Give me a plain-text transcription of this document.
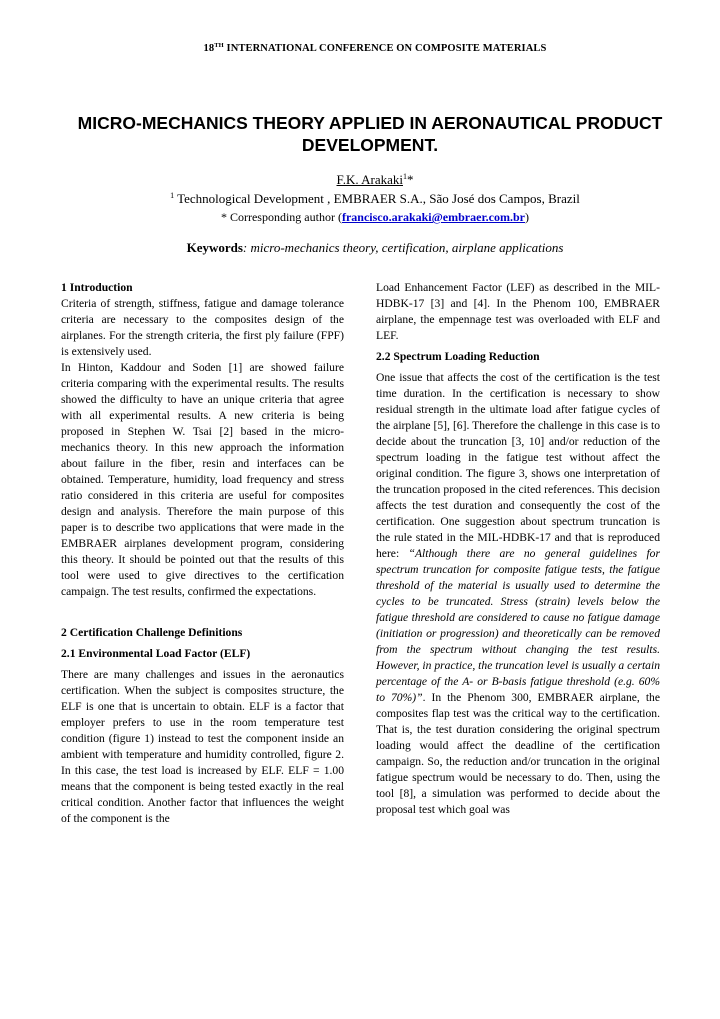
18TH INTERNATIONAL CONFERENCE ON COMPOSITE MATERIALS
MICRO-MECHANICS THEORY APPLIED IN AERONAUTICAL PRODUCT DEVELOPMENT.
F.K. Arakaki$^1$*
$^1$ Technological Development , EMBRAER S.A., São José dos Campos, Brazil
* Corresponding author (francisco.arakaki@embraer.com.br)
Keywords: micro-mechanics theory, certification, airplane applications

1 Introduction

Criteria of strength, stiffness, fatigue and damage tolerance criteria are necessary to the composites design of the airplanes. For the strength criteria, the first ply failure (FPF) is extensively used.

In Hinton, Kaddour and Soden [1] are showed failure criteria comparing with the experimental results. The results showed the difficulty to have an unique criteria that agree with all experimental results. A new criteria is being proposed in Stephen W. Tsai [2] based in the micro-mechanics theory. In this new approach the information about failure in the fiber, resin and interfaces can be obtained. Temperature, humidity, load frequency and stress ratio considered in this criteria are useful for composites design and analysis. Therefore the main purpose of this paper is to describe two applications that were made in the EMBRAER airplanes development program, considering this theory. It should be pointed out that the results of this tool were used to give directives to the certification campaign. The test results, confirmed the expectations.

2 Certification Challenge Definitions

2.1 Environmental Load Factor (ELF)

There are many challenges and issues in the aeronautics certification. When the subject is composites structure, the ELF is one that is uncertain to obtain. ELF is a factor that employer prefers to use in the room temperature test condition (figure 1) instead to test the component inside an ambient with temperature and humidity controlled, figure 2. In this case, the test load is increased by ELF. ELF = 1.00 means that the component is being tested exactly in the real critical condition. Another factor that influences the weight of the component is the

Load Enhancement Factor (LEF) as described in the MIL-HDBK-17 [3] and [4]. In the Phenom 100, EMBRAER airplane, the empennage test was overloaded with ELF and LEF.

2.2 Spectrum Loading Reduction

One issue that affects the cost of the certification is the test time duration. In the certification is necessary to show residual strength in the ultimate load after fatigue cycles of the airplane [5], [6]. Therefore the challenge in this case is to decide about the truncation [3, 10] and/or reduction of the spectrum loading in the fatigue test without affect the original condition. The figure 3, shows one interpretation of the truncation proposed in the cited references. This decision affects the test duration and consequently the cost of the certification. One suggestion about spectrum truncation is the rule stated in the MIL-HDBK-17 and that is reproduced here: “Although there are no general guidelines for spectrum truncation for composite fatigue tests, the fatigue threshold of the material is usually used to determine the cycles to be truncated. Stress (strain) levels below the fatigue threshold are considered to cause no fatigue damage (initiation or progression) and theoretically can be removed from the spectrum without changing the test results. However, in practice, the truncation level is usually a certain percentage of the A- or B-basis fatigue threshold (e.g. 60% to 70%)”. In the Phenom 300, EMBRAER airplane, the composites flap test was the critical way to the certification. That is, the test duration considering the original spectrum loading would affect the deadline of the certification campaign. So, the reduction and/or truncation in the original fatigue spectrum would be necessary to do. Then, using the tool [8], a simulation was performed to decide about the proposal test which goal was
